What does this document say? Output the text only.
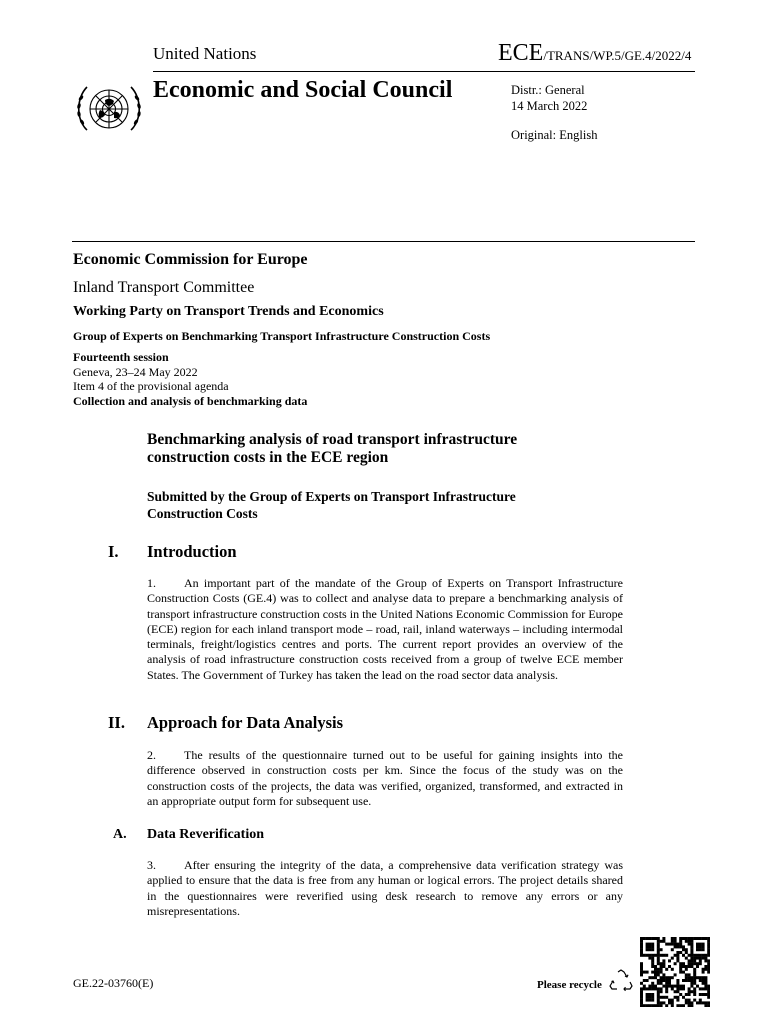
United Nations	ECE/TRANS/WP.5/GE.4/2022/4
Economic and Social Council	Distr.: General
14 March 2022
Original: English
Economic Commission for Europe
Inland Transport Committee
Working Party on Transport Trends and Economics
Group of Experts on Benchmarking Transport Infrastructure Construction Costs
Fourteenth session
Geneva, 23–24 May 2022
Item 4 of the provisional agenda
Collection and analysis of benchmarking data
Benchmarking analysis of road transport infrastructure
construction costs in the ECE region
Submitted by the Group of Experts on Transport Infrastructure
Construction Costs
I. Introduction
1. An important part of the mandate of the Group of Experts on Transport Infrastructure Construction Costs (GE.4) was to collect and analyse data to prepare a benchmarking analysis of transport infrastructure construction costs in the United Nations Economic Commission for Europe (ECE) region for each inland transport mode – road, rail, inland waterways – including intermodal terminals, freight/logistics centres and ports. The current report provides an overview of the analysis of road infrastructure construction costs received from a group of twelve ECE member States. The Government of Turkey has taken the lead on the road sector data analysis.
II. Approach for Data Analysis
2. The results of the questionnaire turned out to be useful for gaining insights into the difference observed in construction costs per km. Since the focus of the study was on the construction costs of the projects, the data was verified, organized, transformed, and extracted in an appropriate output form for subsequent use.
A. Data Reverification
3. After ensuring the integrity of the data, a comprehensive data verification strategy was applied to ensure that the data is free from any human or logical errors. The project details shared in the questionnaires were reverified using desk research to remove any errors or any misrepresentations.
GE.22-03760(E)	Please recycle
